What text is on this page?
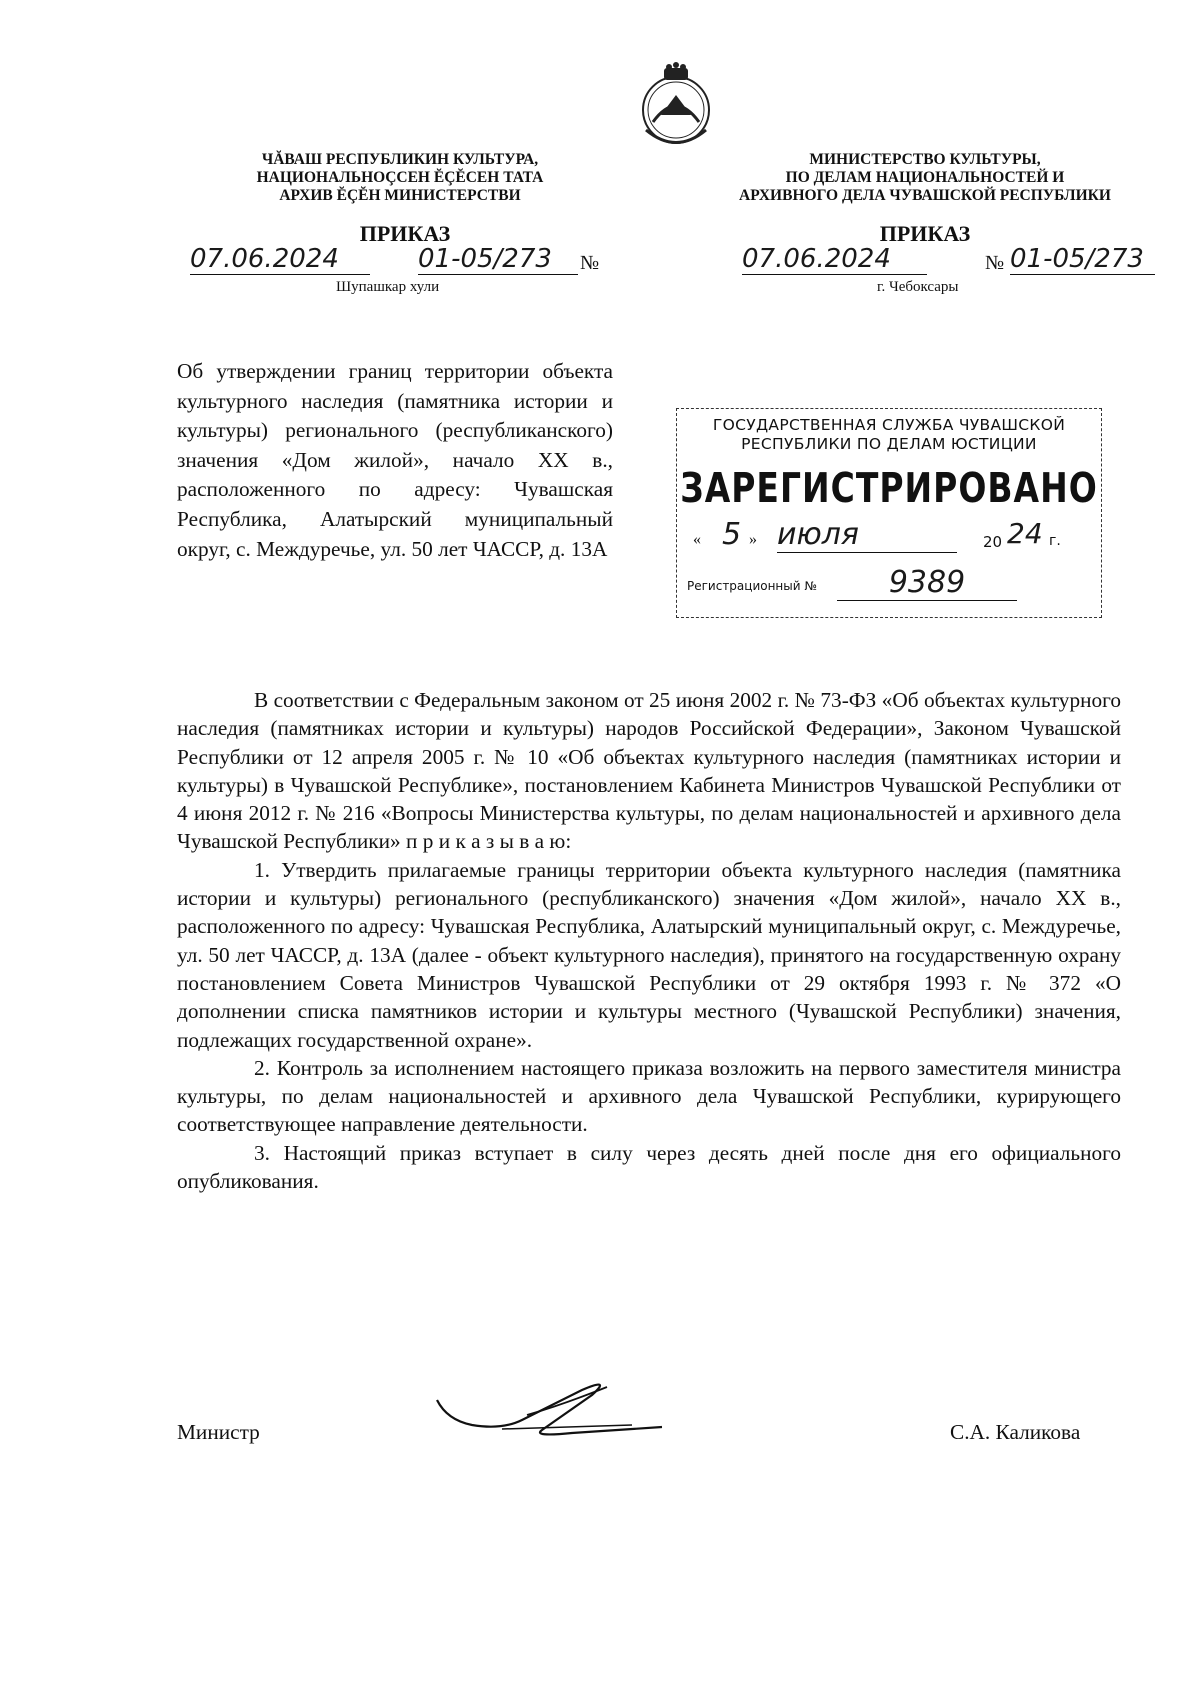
ЧĂВАШ РЕСПУБЛИКИН КУЛЬТУРА,
НАЦИОНАЛЬНОÇСЕН ĔÇĔСЕН ТАТА
АРХИВ ĔÇĔН МИНИСТЕРСТВИ
МИНИСТЕРСТВО КУЛЬТУРЫ,
ПО ДЕЛАМ НАЦИОНАЛЬНОСТЕЙ И
АРХИВНОГО ДЕЛА ЧУВАШСКОЙ РЕСПУБЛИКИ
ПРИКАЗ	ПРИКАЗ
07.06.2024	01-05/273	№
Шупашкар хули
07.06.2024	№ 01-05/273
г. Чебоксары

Об утверждении границ территории объекта культурного наследия (памятника истории и культуры) регионального (республиканского) значения «Дом жилой», начало XX в., расположенного по адресу: Чувашская Республика, Алатырский муниципальный округ, с. Междуречье, ул. 50 лет ЧАССР, д. 13А

ГОСУДАРСТВЕННАЯ СЛУЖБА ЧУВАШСКОЙ
РЕСПУБЛИКИ ПО ДЕЛАМ ЮСТИЦИИ
ЗАРЕГИСТРИРОВАНО
« 5 » июля	20 24 г.
Регистрационный №	9389

В соответствии с Федеральным законом от 25 июня 2002 г. № 73-ФЗ «Об объектах культурного наследия (памятниках истории и культуры) народов Российской Федерации», Законом Чувашской Республики от 12 апреля 2005 г. № 10 «Об объектах культурного наследия (памятниках истории и культуры) в Чувашской Республике», постановлением Кабинета Министров Чувашской Республики от 4 июня 2012 г. № 216 «Вопросы Министерства культуры, по делам национальностей и архивного дела Чувашской Республики» п р и к а з ы в а ю:

1. Утвердить прилагаемые границы территории объекта культурного наследия (памятника истории и культуры) регионального (республиканского) значения «Дом жилой», начало XX в., расположенного по адресу: Чувашская Республика, Алатырский муниципальный округ, с. Междуречье, ул. 50 лет ЧАССР, д. 13А (далее - объект культурного наследия), принятого на государственную охрану постановлением Совета Министров Чувашской Республики от 29 октября 1993 г. № 372 «О дополнении списка памятников истории и культуры местного (Чувашской Республики) значения, подлежащих государственной охране».

2. Контроль за исполнением настоящего приказа возложить на первого заместителя министра культуры, по делам национальностей и архивного дела Чувашской Республики, курирующего соответствующее направление деятельности.

3. Настоящий приказ вступает в силу через десять дней после дня его официального опубликования.

Министр	С.А. Каликова
